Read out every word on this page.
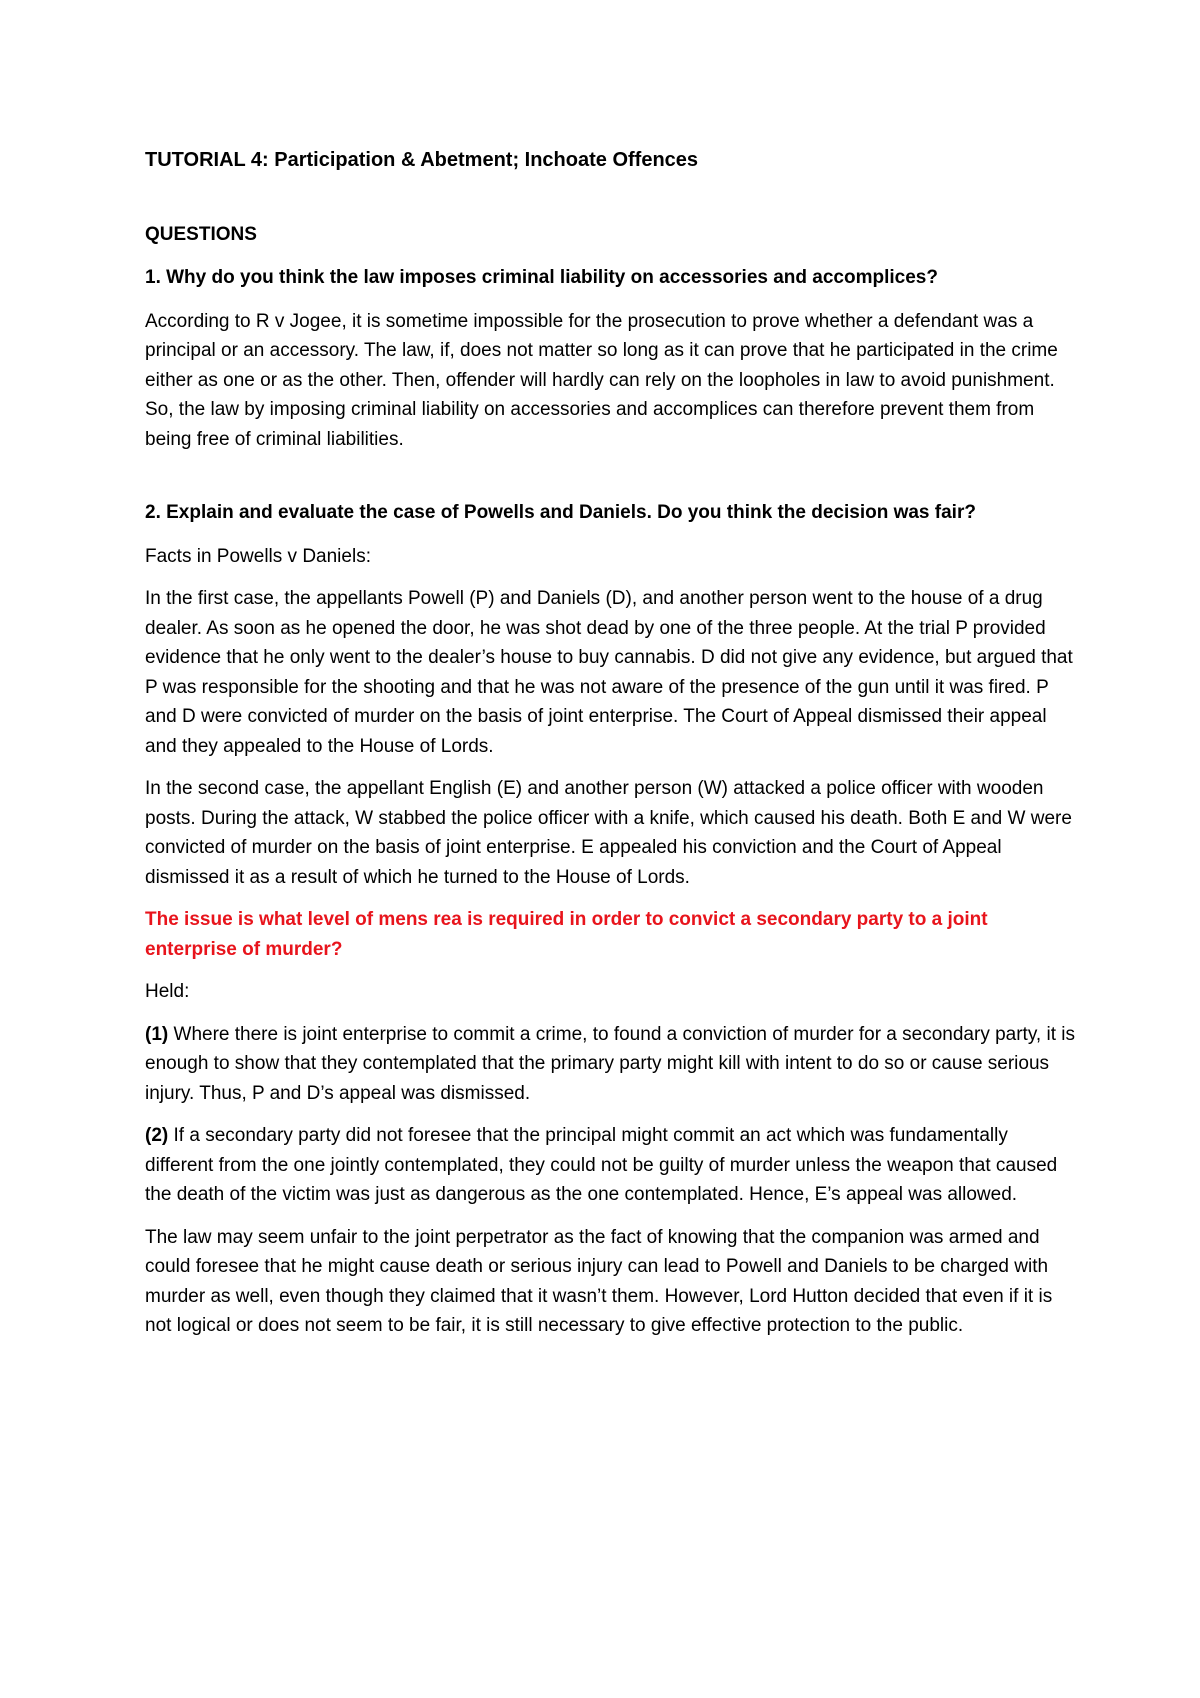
TUTORIAL 4: Participation & Abetment; Inchoate Offences

QUESTIONS

1. Why do you think the law imposes criminal liability on accessories and accomplices?

According to R v Jogee, it is sometime impossible for the prosecution to prove whether a defendant was a principal or an accessory. The law, if, does not matter so long as it can prove that he participated in the crime either as one or as the other. Then, offender will hardly can rely on the loopholes in law to avoid punishment. So, the law by imposing criminal liability on accessories and accomplices can therefore prevent them from being free of criminal liabilities.

2. Explain and evaluate the case of Powells and Daniels. Do you think the decision was fair?

Facts in Powells v Daniels:

In the first case, the appellants Powell (P) and Daniels (D), and another person went to the house of a drug dealer. As soon as he opened the door, he was shot dead by one of the three people. At the trial P provided evidence that he only went to the dealer’s house to buy cannabis. D did not give any evidence, but argued that P was responsible for the shooting and that he was not aware of the presence of the gun until it was fired. P and D were convicted of murder on the basis of joint enterprise. The Court of Appeal dismissed their appeal and they appealed to the House of Lords.

In the second case, the appellant English (E) and another person (W) attacked a police officer with wooden posts. During the attack, W stabbed the police officer with a knife, which caused his death. Both E and W were convicted of murder on the basis of joint enterprise. E appealed his conviction and the Court of Appeal dismissed it as a result of which he turned to the House of Lords.

The issue is what level of mens rea is required in order to convict a secondary party to a joint enterprise of murder?

Held:

(1) Where there is joint enterprise to commit a crime, to found a conviction of murder for a secondary party, it is enough to show that they contemplated that the primary party might kill with intent to do so or cause serious injury. Thus, P and D’s appeal was dismissed.

(2) If a secondary party did not foresee that the principal might commit an act which was fundamentally different from the one jointly contemplated, they could not be guilty of murder unless the weapon that caused the death of the victim was just as dangerous as the one contemplated. Hence, E’s appeal was allowed.

The law may seem unfair to the joint perpetrator as the fact of knowing that the companion was armed and could foresee that he might cause death or serious injury can lead to Powell and Daniels to be charged with murder as well, even though they claimed that it wasn’t them. However, Lord Hutton decided that even if it is not logical or does not seem to be fair, it is still necessary to give effective protection to the public.
